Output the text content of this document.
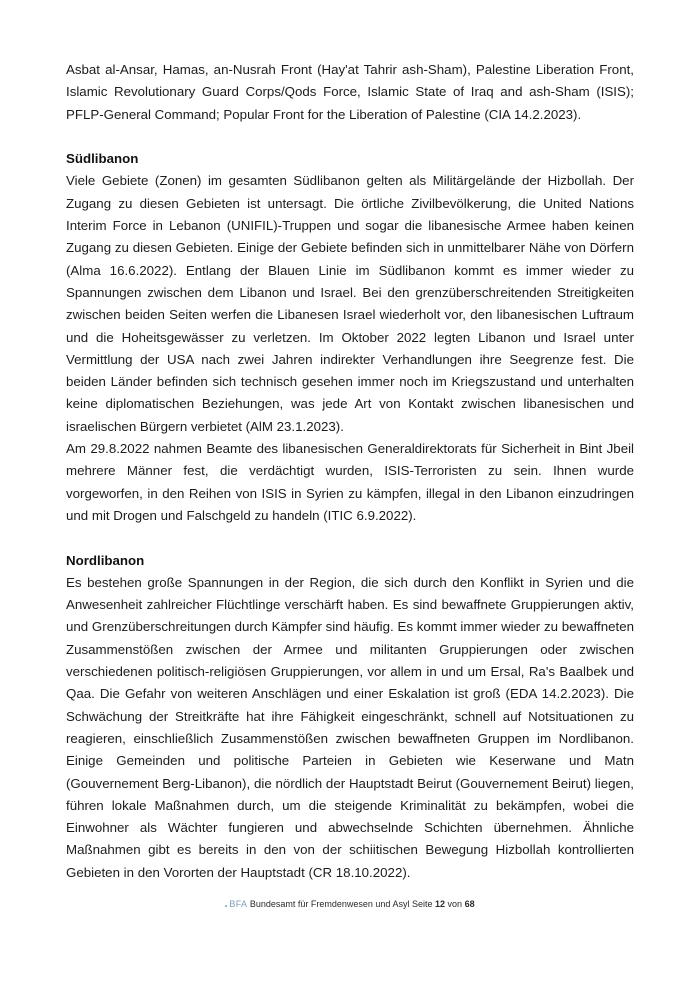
Asbat al-Ansar, Hamas, an-Nusrah Front (Hay'at Tahrir ash-Sham), Palestine Liberation Front, Islamic Revolutionary Guard Corps/Qods Force, Islamic State of Iraq and ash-Sham (ISIS); PFLP-General Command; Popular Front for the Liberation of Palestine (CIA 14.2.2023).

Südlibanon

Viele Gebiete (Zonen) im gesamten Südlibanon gelten als Militärgelände der Hizbollah. Der Zugang zu diesen Gebieten ist untersagt. Die örtliche Zivilbevölkerung, die United Nations Interim Force in Lebanon (UNIFIL)-Truppen und sogar die libanesische Armee haben keinen Zugang zu diesen Gebieten. Einige der Gebiete befinden sich in unmittelbarer Nähe von Dörfern (Alma 16.6.2022). Entlang der Blauen Linie im Südlibanon kommt es immer wieder zu Spannungen zwischen dem Libanon und Israel. Bei den grenzüberschreitenden Streitigkeiten zwischen beiden Seiten werfen die Libanesen Israel wiederholt vor, den libanesischen Luftraum und die Hoheitsgewässer zu verletzen. Im Oktober 2022 legten Libanon und Israel unter Vermittlung der USA nach zwei Jahren indirekter Verhandlungen ihre Seegrenze fest. Die beiden Länder befinden sich technisch gesehen immer noch im Kriegszustand und unterhalten keine diplomatischen Beziehungen, was jede Art von Kontakt zwischen libanesischen und israelischen Bürgern verbietet (AlM 23.1.2023).

Am 29.8.2022 nahmen Beamte des libanesischen Generaldirektorats für Sicherheit in Bint Jbeil mehrere Männer fest, die verdächtigt wurden, ISIS-Terroristen zu sein. Ihnen wurde vorgeworfen, in den Reihen von ISIS in Syrien zu kämpfen, illegal in den Libanon einzudringen und mit Drogen und Falschgeld zu handeln (ITIC 6.9.2022).

Nordlibanon

Es bestehen große Spannungen in der Region, die sich durch den Konflikt in Syrien und die Anwesenheit zahlreicher Flüchtlinge verschärft haben. Es sind bewaffnete Gruppierungen aktiv, und Grenzüberschreitungen durch Kämpfer sind häufig. Es kommt immer wieder zu bewaffneten Zusammenstößen zwischen der Armee und militanten Gruppierungen oder zwischen verschiedenen politisch-religiösen Gruppierungen, vor allem in und um Ersal, Ra's Baalbek und Qaa. Die Gefahr von weiteren Anschlägen und einer Eskalation ist groß (EDA 14.2.2023). Die Schwächung der Streitkräfte hat ihre Fähigkeit eingeschränkt, schnell auf Notsituationen zu reagieren, einschließlich Zusammenstößen zwischen bewaffneten Gruppen im Nordlibanon. Einige Gemeinden und politische Parteien in Gebieten wie Keserwane und Matn (Gouvernement Berg-Libanon), die nördlich der Hauptstadt Beirut (Gouvernement Beirut) liegen, führen lokale Maßnahmen durch, um die steigende Kriminalität zu bekämpfen, wobei die Einwohner als Wächter fungieren und abwechselnde Schichten übernehmen. Ähnliche Maßnahmen gibt es bereits in den von der schiitischen Bewegung Hizbollah kontrollierten Gebieten in den Vororten der Hauptstadt (CR 18.10.2022).

BFA Bundesamt für Fremdenwesen und Asyl Seite 12 von 68
